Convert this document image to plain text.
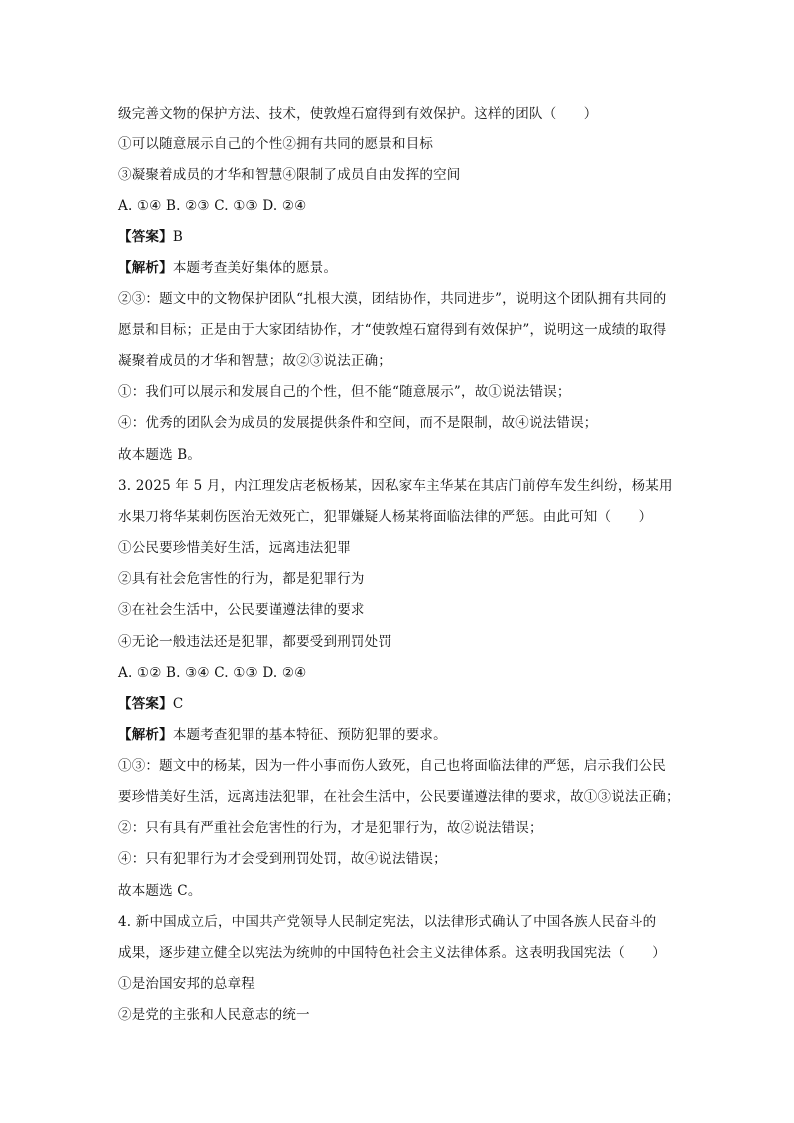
级完善文物的保护方法、技术，使敦煌石窟得到有效保护。这样的团队（　　）
①可以随意展示自己的个性②拥有共同的愿景和目标
③凝聚着成员的才华和智慧④限制了成员自由发挥的空间
A. ①④ B. ②③ C. ①③ D. ②④
【答案】B
【解析】本题考查美好集体的愿景。
②③：题文中的文物保护团队“扎根大漠，团结协作，共同进步”，说明这个团队拥有共同的
愿景和目标；正是由于大家团结协作，才“使敦煌石窟得到有效保护”，说明这一成绩的取得
凝聚着成员的才华和智慧；故②③说法正确；
①：我们可以展示和发展自己的个性，但不能“随意展示”，故①说法错误；
④：优秀的团队会为成员的发展提供条件和空间，而不是限制，故④说法错误；
故本题选 B。
3. 2025 年 5 月，内江理发店老板杨某，因私家车主华某在其店门前停车发生纠纷，杨某用
水果刀将华某刺伤医治无效死亡，犯罪嫌疑人杨某将面临法律的严惩。由此可知（　　）
①公民要珍惜美好生活，远离违法犯罪
②具有社会危害性的行为，都是犯罪行为
③在社会生活中，公民要谨遵法律的要求
④无论一般违法还是犯罪，都要受到刑罚处罚
A. ①② B. ③④ C. ①③ D. ②④
【答案】C
【解析】本题考查犯罪的基本特征、预防犯罪的要求。
①③：题文中的杨某，因为一件小事而伤人致死，自己也将面临法律的严惩，启示我们公民
要珍惜美好生活，远离违法犯罪，在社会生活中，公民要谨遵法律的要求，故①③说法正确；
②：只有具有严重社会危害性的行为，才是犯罪行为，故②说法错误；
④：只有犯罪行为才会受到刑罚处罚，故④说法错误；
故本题选 C。
4. 新中国成立后，中国共产党领导人民制定宪法，以法律形式确认了中国各族人民奋斗的
成果，逐步建立健全以宪法为统帅的中国特色社会主义法律体系。这表明我国宪法（　　）
①是治国安邦的总章程
②是党的主张和人民意志的统一
